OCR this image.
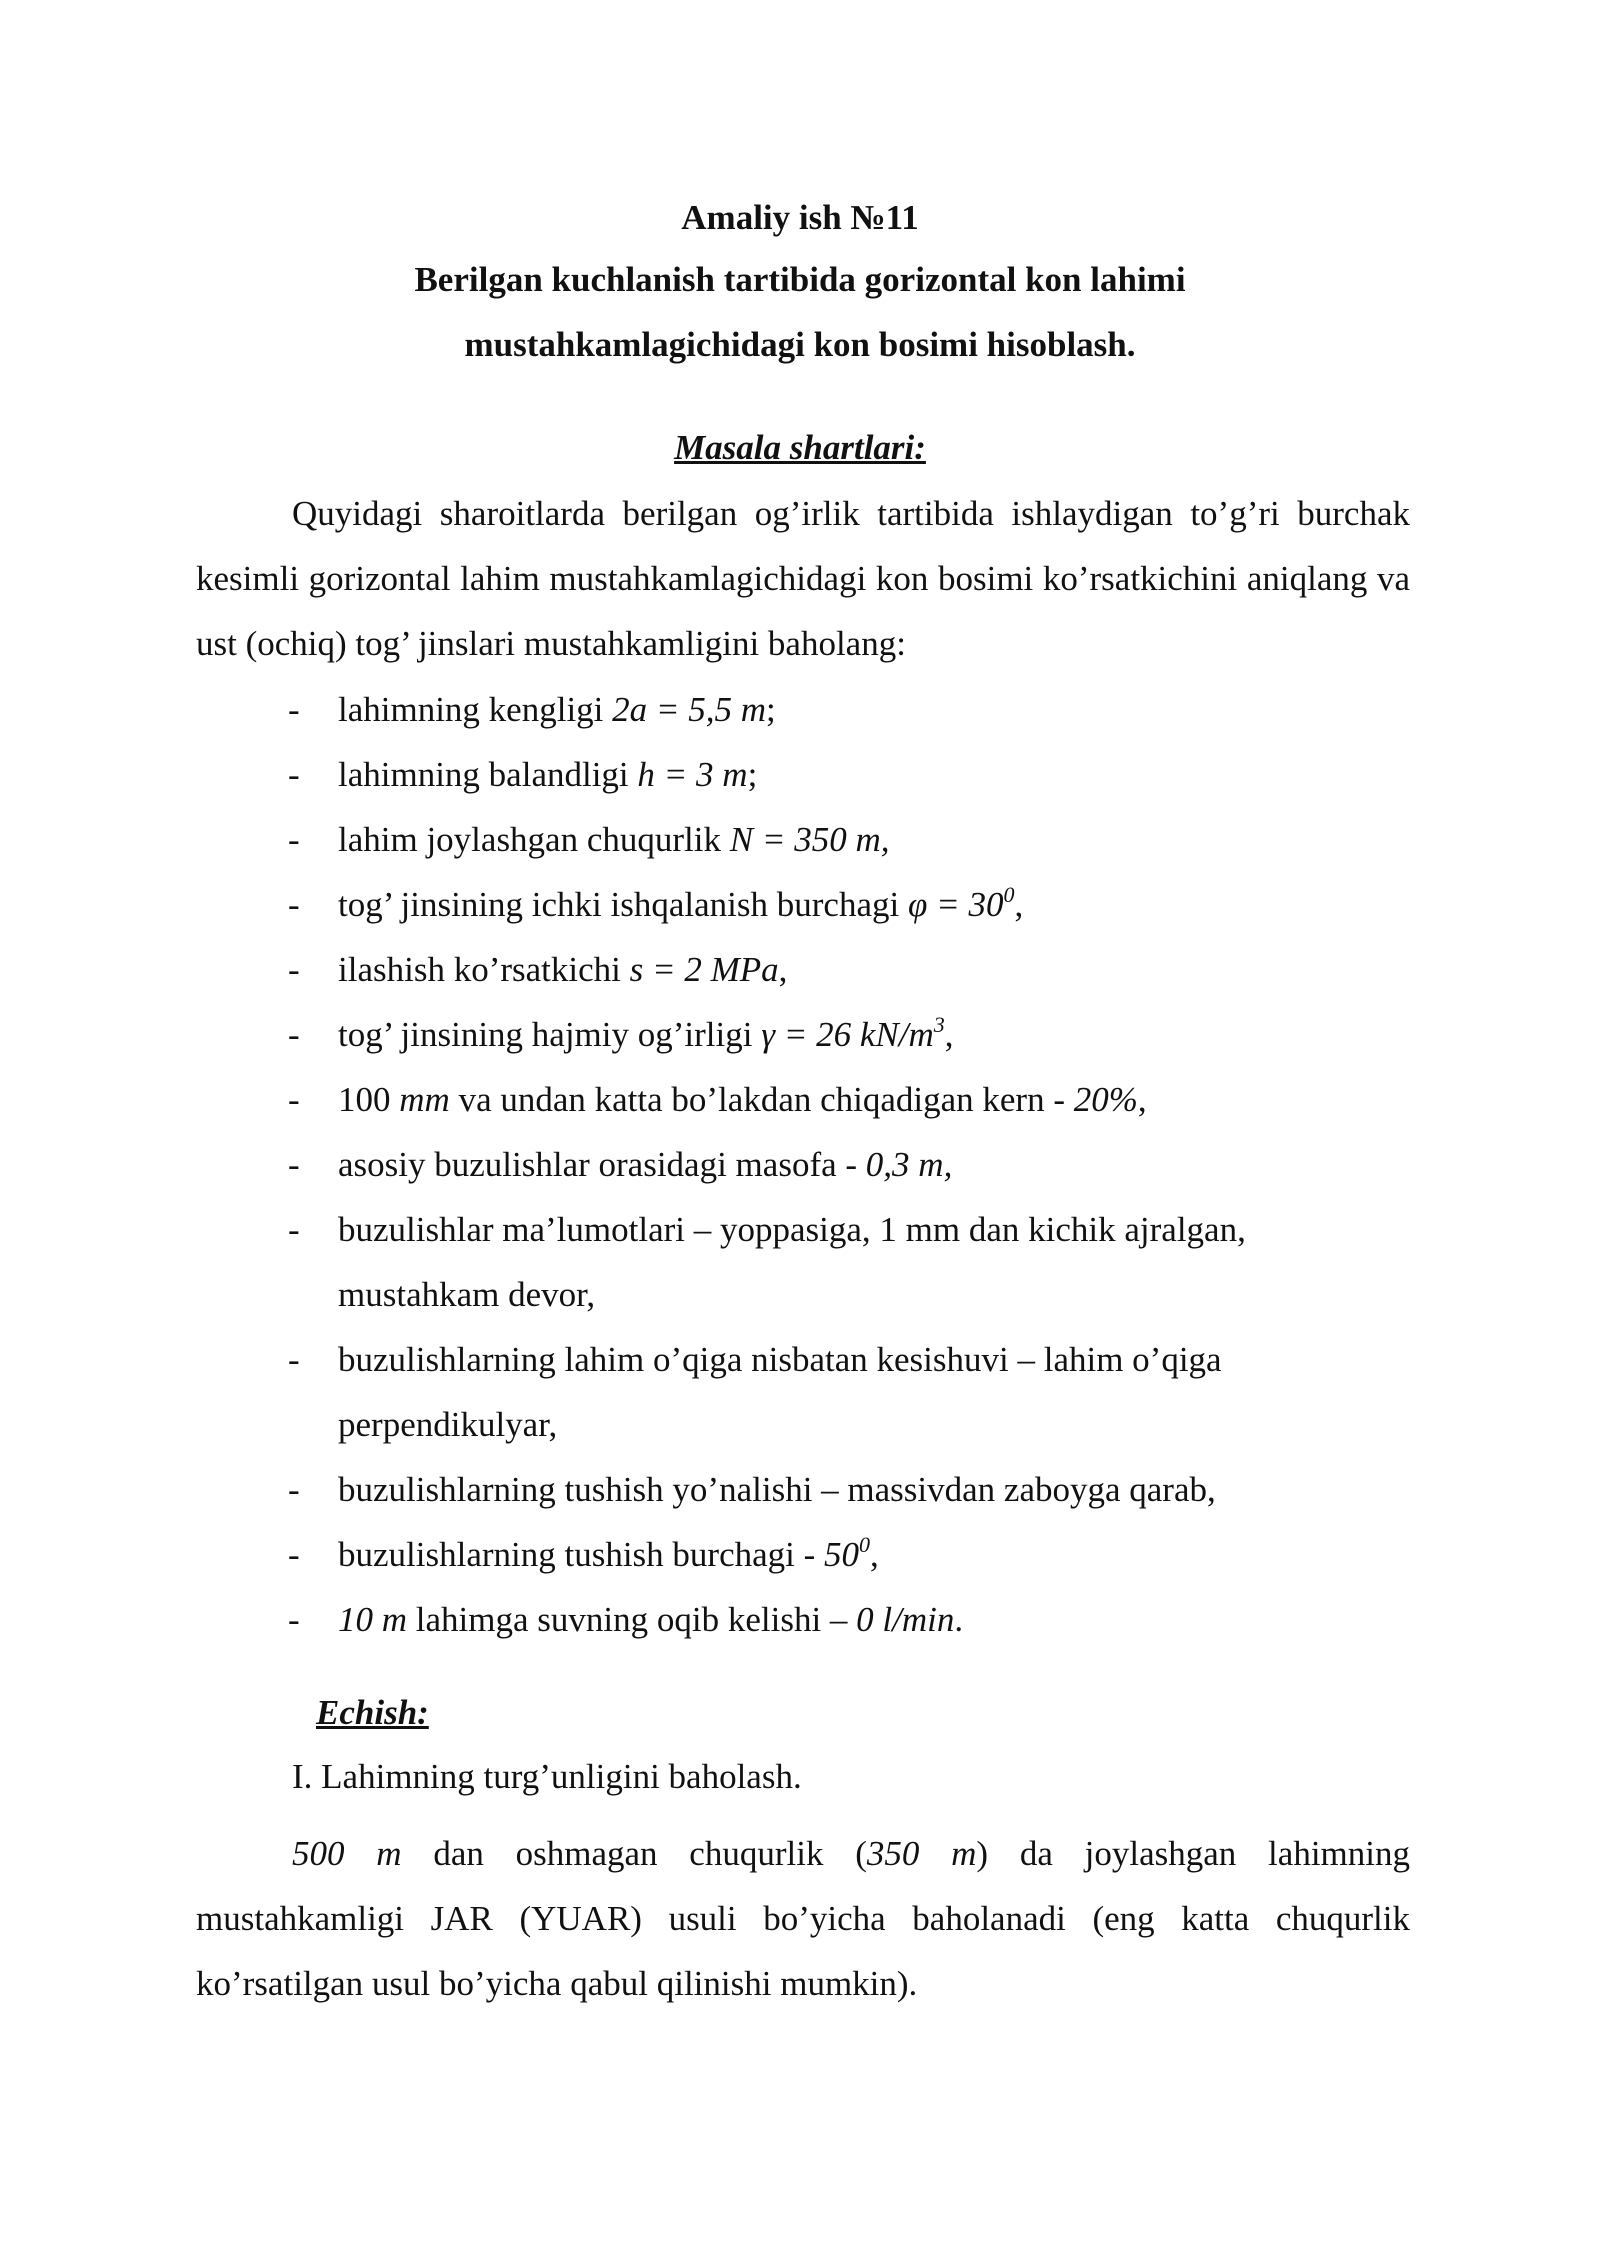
Amaliy ish №11
Berilgan kuchlanish tartibida gorizontal kon lahimi
mustahkamlagichidagi kon bosimi hisoblash.
Masala shartlari:
Quyidagi sharoitlarda berilgan og’irlik tartibida ishlaydigan to’g’ri burchak kesimli gorizontal lahim mustahkamlagichidagi kon bosimi ko’rsatkichini aniqlang va ust (ochiq) tog’ jinslari mustahkamligini baholang:
- lahimning kengligi 2a = 5,5 m;
- lahimning balandligi h = 3 m;
- lahim joylashgan chuqurlik N = 350 m,
- tog’ jinsining ichki ishqalanish burchagi $\varphi = 30^0$,
- ilashish ko’rsatkichi s = 2 MPa,
- tog’ jinsining hajmiy og’irligi γ = 26 $kN/m^3$,
- 100 mm va undan katta bo’lakdan chiqadigan kern - 20%,
- asosiy buzulishlar orasidagi masofa - 0,3 m,
- buzulishlar ma’lumotlari – yoppasiga, 1 mm dan kichik ajralgan,
mustahkam devor,
- buzulishlarning lahim o’qiga nisbatan kesishuvi – lahim o’qiga
perpendikulyar,
- buzulishlarning tushish yo’nalishi – massivdan zaboyga qarab,
- buzulishlarning tushish burchagi - $50^0$,
- 10 m lahimga suvning oqib kelishi – 0 l/min.
Echish:
I. Lahimning turg’unligini baholash.
500 m dan oshmagan chuqurlik (350 m) da joylashgan lahimning mustahkamligi JAR (YUAR) usuli bo’yicha baholanadi (eng katta chuqurlik ko’rsatilgan usul bo’yicha qabul qilinishi mumkin).
